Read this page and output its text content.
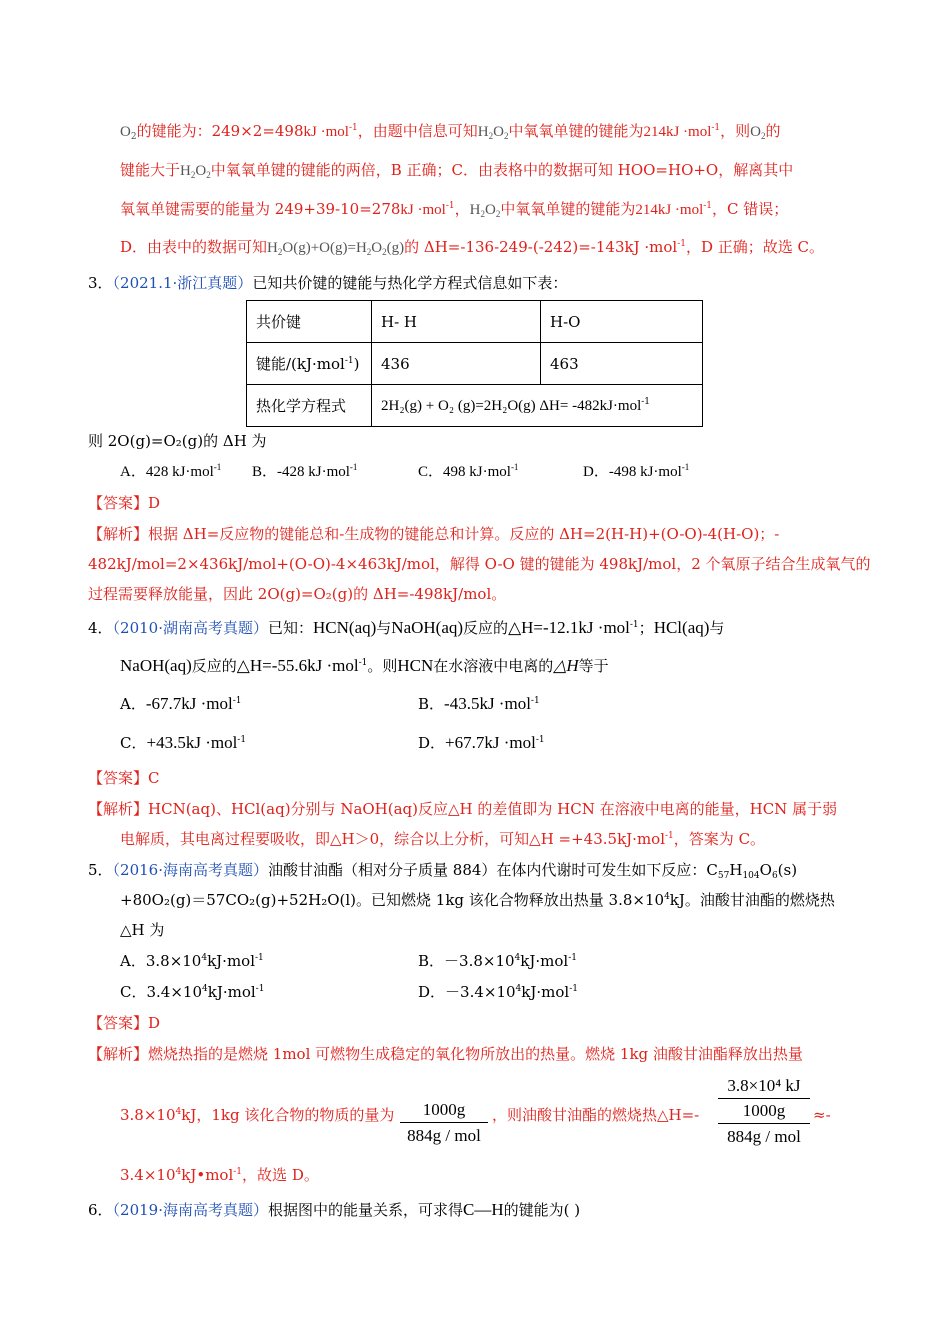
$O_2$的键能为：249×2=498kJ ·mol$^{-1}$，由题中信息可知$H_2O_2$中氧氧单键的键能为214kJ ·mol$^{-1}$，则$O_2$的
键能大于$H_2O_2$中氧氧单键的键能的两倍，B 正确；C．由表格中的数据可知 HOO=HO+O，解离其中
氧氧单键需要的能量为 249+39-10=278kJ ·mol$^{-1}$，$H_2O_2$中氧氧单键的键能为214kJ ·mol$^{-1}$，C 错误；
D．由表中的数据可知$H_2O(g)+O(g)=H_2O_2(g)$的 ΔH=-136-249-(-242)=-143kJ ·mol$^{-1}$，D 正确；故选 C。
3．（2021.1·浙江真题）已知共价键的键能与热化学方程式信息如下表：
共价键	H- H	H-O
键能/(kJ·mol$^{-1}$)	436	463
热化学方程式	2H₂(g) + O₂ (g)=2H₂O(g) ΔH= -482kJ·mol$^{-1}$
则 2O(g)=O₂(g)的 ΔH 为
A．428 kJ·mol$^{-1}$ B．-428 kJ·mol$^{-1}$	C．498 kJ·mol$^{-1}$	D．-498 kJ·mol$^{-1}$
【答案】D
【解析】根据 ΔH=反应物的键能总和-生成物的键能总和计算。反应的 ΔH=2(H-H)+(O-O)-4(H-O)；-
482kJ/mol=2×436kJ/mol+(O-O)-4×463kJ/mol，解得 O-O 键的键能为 498kJ/mol，2 个氧原子结合生成氧气的
过程需要释放能量，因此 2O(g)=O₂(g)的 ΔH=-498kJ/mol。
4．（2010·湖南高考真题）已知：HCN(aq)与NaOH(aq)反应的△H=-12.1kJ ·mol$^{-1}$；HCl(aq)与
NaOH(aq)反应的△H=-55.6kJ ·mol$^{-1}$。则HCN在水溶液中电离的△H等于
A．-67.7kJ ·mol$^{-1}$	B．-43.5kJ ·mol$^{-1}$
C．+43.5kJ ·mol$^{-1}$	D．+67.7kJ ·mol$^{-1}$
【答案】C
【解析】HCN(aq)、HCl(aq)分别与 NaOH(aq)反应△H 的差值即为 HCN 在溶液中电离的能量，HCN 属于弱
电解质，其电离过程要吸收，即△H＞0，综合以上分析，可知△H =+43.5kJ·mol$^{-1}$，答案为 C。
5．（2016·海南高考真题）油酸甘油酯（相对分子质量 884）在体内代谢时可发生如下反应：$C_{57}H_{104}O_6(s)$
+80O₂(g)＝57CO₂(g)+52H₂O(l)。已知燃烧 1kg 该化合物释放出热量 $3.8\times 10^4kJ$。油酸甘油酯的燃烧热
△H 为
A．$3.8\times 10^4kJ\cdot mol^{-1}$	B．$-3.8\times 10^4kJ\cdot mol^{-1}$
C．$3.4\times 10^4kJ\cdot mol^{-1}$	D．$-3.4\times 10^4kJ\cdot mol^{-1}$
【答案】D
【解析】燃烧热指的是燃烧 1mol 可燃物生成稳定的氧化物所放出的热量。燃烧 1kg 油酸甘油酯释放出热量
$3.8\times 10^4kJ$，1kg 该化合物的物质的量为	1000g
884g / mol
，则油酸甘油酯的燃烧热△H=-
3.8×10⁴ kJ
1000g
884g / mol
≈-
$3.4\times 10^4kJ•mol^{-1}$，故选 D。
6．（2019·海南高考真题）根据图中的能量关系，可求得C—H的键能为( )
